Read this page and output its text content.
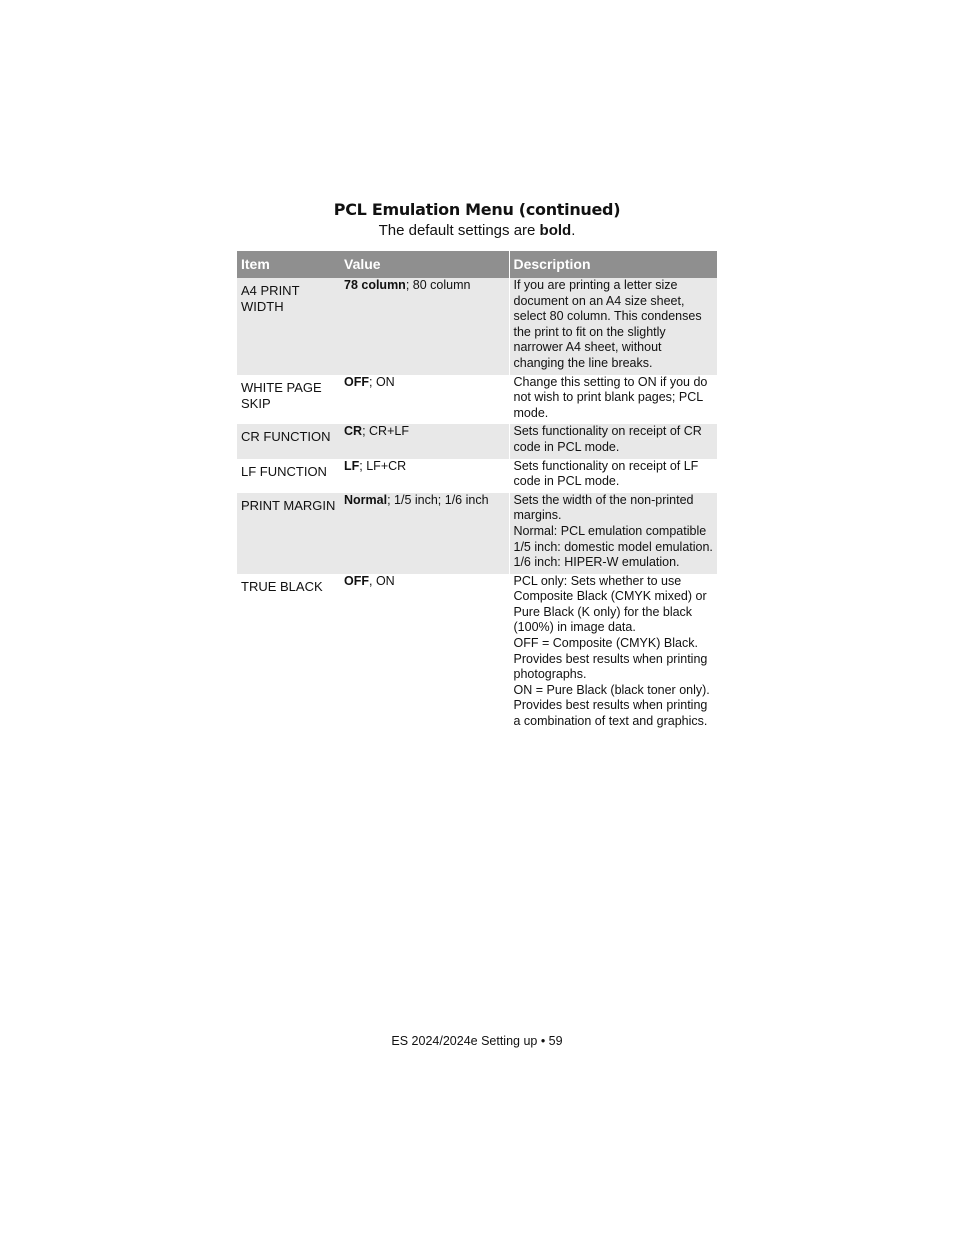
PCL Emulation Menu (continued)
The default settings are bold.
Item	Value	Description
A4 PRINT WIDTH	78 column; 80 column	If you are printing a letter size document on an A4 size sheet, select 80 column. This condenses the print to fit on the slightly narrower A4 sheet, without changing the line breaks.

WHITE PAGE SKIP	OFF; ON	Change this setting to ON if you do not wish to print blank pages; PCL mode.

CR FUNCTION	CR; CR+LF	Sets functionality on receipt of CR code in PCL mode.

LF FUNCTION	LF; LF+CR	Sets functionality on receipt of LF code in PCL mode.

PRINT MARGIN	Normal; 1/5 inch; 1/6 inch	Sets the width of the non-printed margins.
Normal: PCL emulation compatible
1/5 inch: domestic model emulation.
1/6 inch: HIPER-W emulation.

TRUE BLACK	OFF, ON	PCL only: Sets whether to use Composite Black (CMYK mixed) or Pure Black (K only) for the black (100%) in image data.
OFF = Composite (CMYK) Black. Provides best results when printing photographs.
ON = Pure Black (black toner only). Provides best results when printing a combination of text and graphics.
ES 2024/2024e Setting up • 59
